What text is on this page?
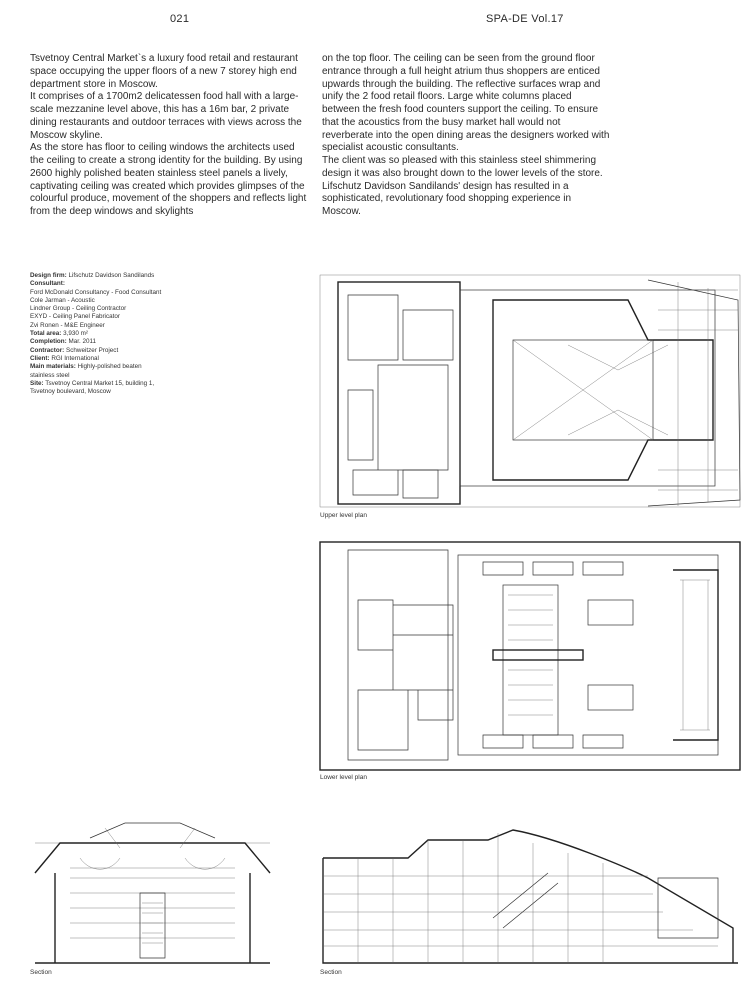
021	SPA-DE Vol.17

Tsvetnoy Central Market`s a luxury food retail and restaurant space occupying the upper floors of a new 7 storey high end department store in Moscow.

It comprises of a 1700m2 delicatessen food hall with a large-scale mezzanine level above, this has a 16m bar, 2 private dining restaurants and outdoor terraces with views across the Moscow skyline.

As the store has floor to ceiling windows the architects used the ceiling to create a strong identity for the building. By using 2600 highly polished beaten stainless steel panels a lively, captivating ceiling was created which provides glimpses of the colourful produce, movement of the shoppers and reflects light from the deep windows and skylights

on the top floor. The ceiling can be seen from the ground floor entrance through a full height atrium thus shoppers are enticed upwards through the building. The reflective surfaces wrap and unify the 2 food retail floors. Large white columns placed between the fresh food counters support the ceiling. To ensure that the acoustics from the busy market hall would not reverberate into the open dining areas the designers worked with specialist acoustic consultants.

The client was so pleased with this stainless steel shimmering design it was also brought down to the lower levels of the store. Lifschutz Davidson Sandilands' design has resulted in a sophisticated, revolutionary food shopping experience in Moscow.

Design firm: Lifschutz Davidson Sandilands

Consultant:

Ford McDonald Consultancy - Food Consultant

Cole Jarman - Acoustic

Lindner Group - Ceiling Contractor

EXYD - Ceiling Panel Fabricator

Zvi Ronen - M&E Engineer

Total area: 3,930 m²

Completion: Mar. 2011

Contractor: Schweitzer Project

Client: RGI International

Main materials: Highly-polished beaten stainless steel

Site: Tsvetnoy Central Market 15, building 1, Tsvetnoy boulevard, Moscow

Upper level plan
Lower level plan
Section	Section
